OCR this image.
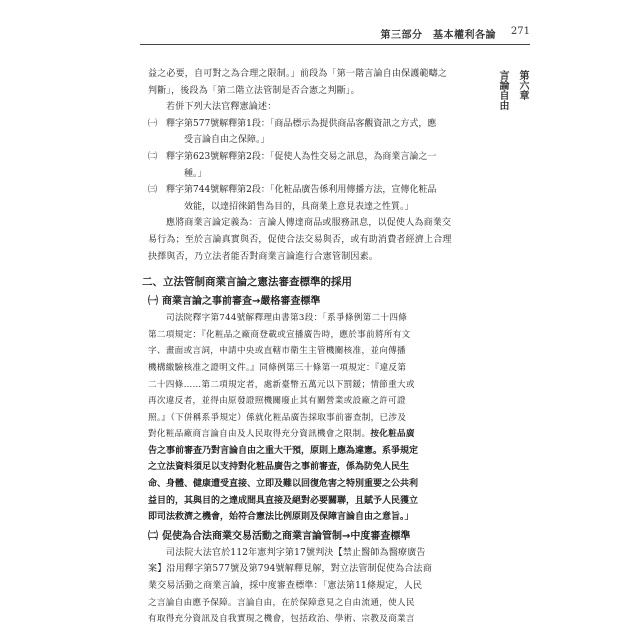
第三部分　基本權利各論 271
第六章
言論自由

益之必要，自可對之為合理之限制。」前段為「第一階言論自由保護範疇之

判斷」，後段為「第二階立法管制是否合憲之判斷」。

若併下列大法官釋憲論述：

㈠ 釋字第577號解釋第1段：「商品標示為提供商品客觀資訊之方式，應

受言論自由之保障。」

㈡ 釋字第623號解釋第2段：「促使人為性交易之訊息，為商業言論之一

種。」

㈢ 釋字第744號解釋第2段：「化粧品廣告係利用傳播方法，宣傳化粧品

效能，以達招徠銷售為目的，具商業上意見表達之性質。」

應將商業言論定義為：言論人傳達商品或服務訊息，以促使人為商業交

易行為；至於言論真實與否，促使合法交易與否，或有助消費者經濟上合理

抉擇與否，乃立法者能否對商業言論進行合憲管制因素。

二、立法管制商業言論之憲法審查標準的採用
㈠ 商業言論之事前審查→嚴格審查標準

司法院釋字第744號解釋理由書第3段：「系爭條例第二十四條

第二項規定：『化粧品之廠商登載或宣播廣告時，應於事前將所有文

字、畫面或言詞，申請中央或直轄市衛生主管機關核准，並向傳播

機構繳驗核准之證明文件。』同條例第三十條第一項規定：『違反第

二十四條……第二項規定者，處新臺幣五萬元以下罰鍰；情節重大或

再次違反者，並得由原發證照機關廢止其有關營業或設廠之許可證

照。』（下併稱系爭規定）係就化粧品廣告採取事前審查制，已涉及

對化粧品廠商言論自由及人民取得充分資訊機會之限制。按化粧品廣

告之事前審查乃對言論自由之重大干預，原則上應為違憲。系爭規定

之立法資料須足以支持對化粧品廣告之事前審查，係為防免人民生

命、身體、健康遭受直接、立即及難以回復危害之特別重要之公共利

益目的，其與目的之達成間具直接及絕對必要關聯，且賦予人民獲立

即司法救濟之機會，始符合憲法比例原則及保障言論自由之意旨。」

㈡ 促使為合法商業交易活動之商業言論管制→中度審查標準

司法院大法官於112年憲判字第17號判決【禁止醫師為醫療廣告

案】沿用釋字第577號及第794號解釋見解，對立法管制促使為合法商

業交易活動之商業言論，採中度審查標準：「憲法第11條規定，人民

之言論自由應予保障。言論自由，在於保障意見之自由流通，使人民

有取得充分資訊及自我實現之機會，包括政治、學術、宗教及商業言
